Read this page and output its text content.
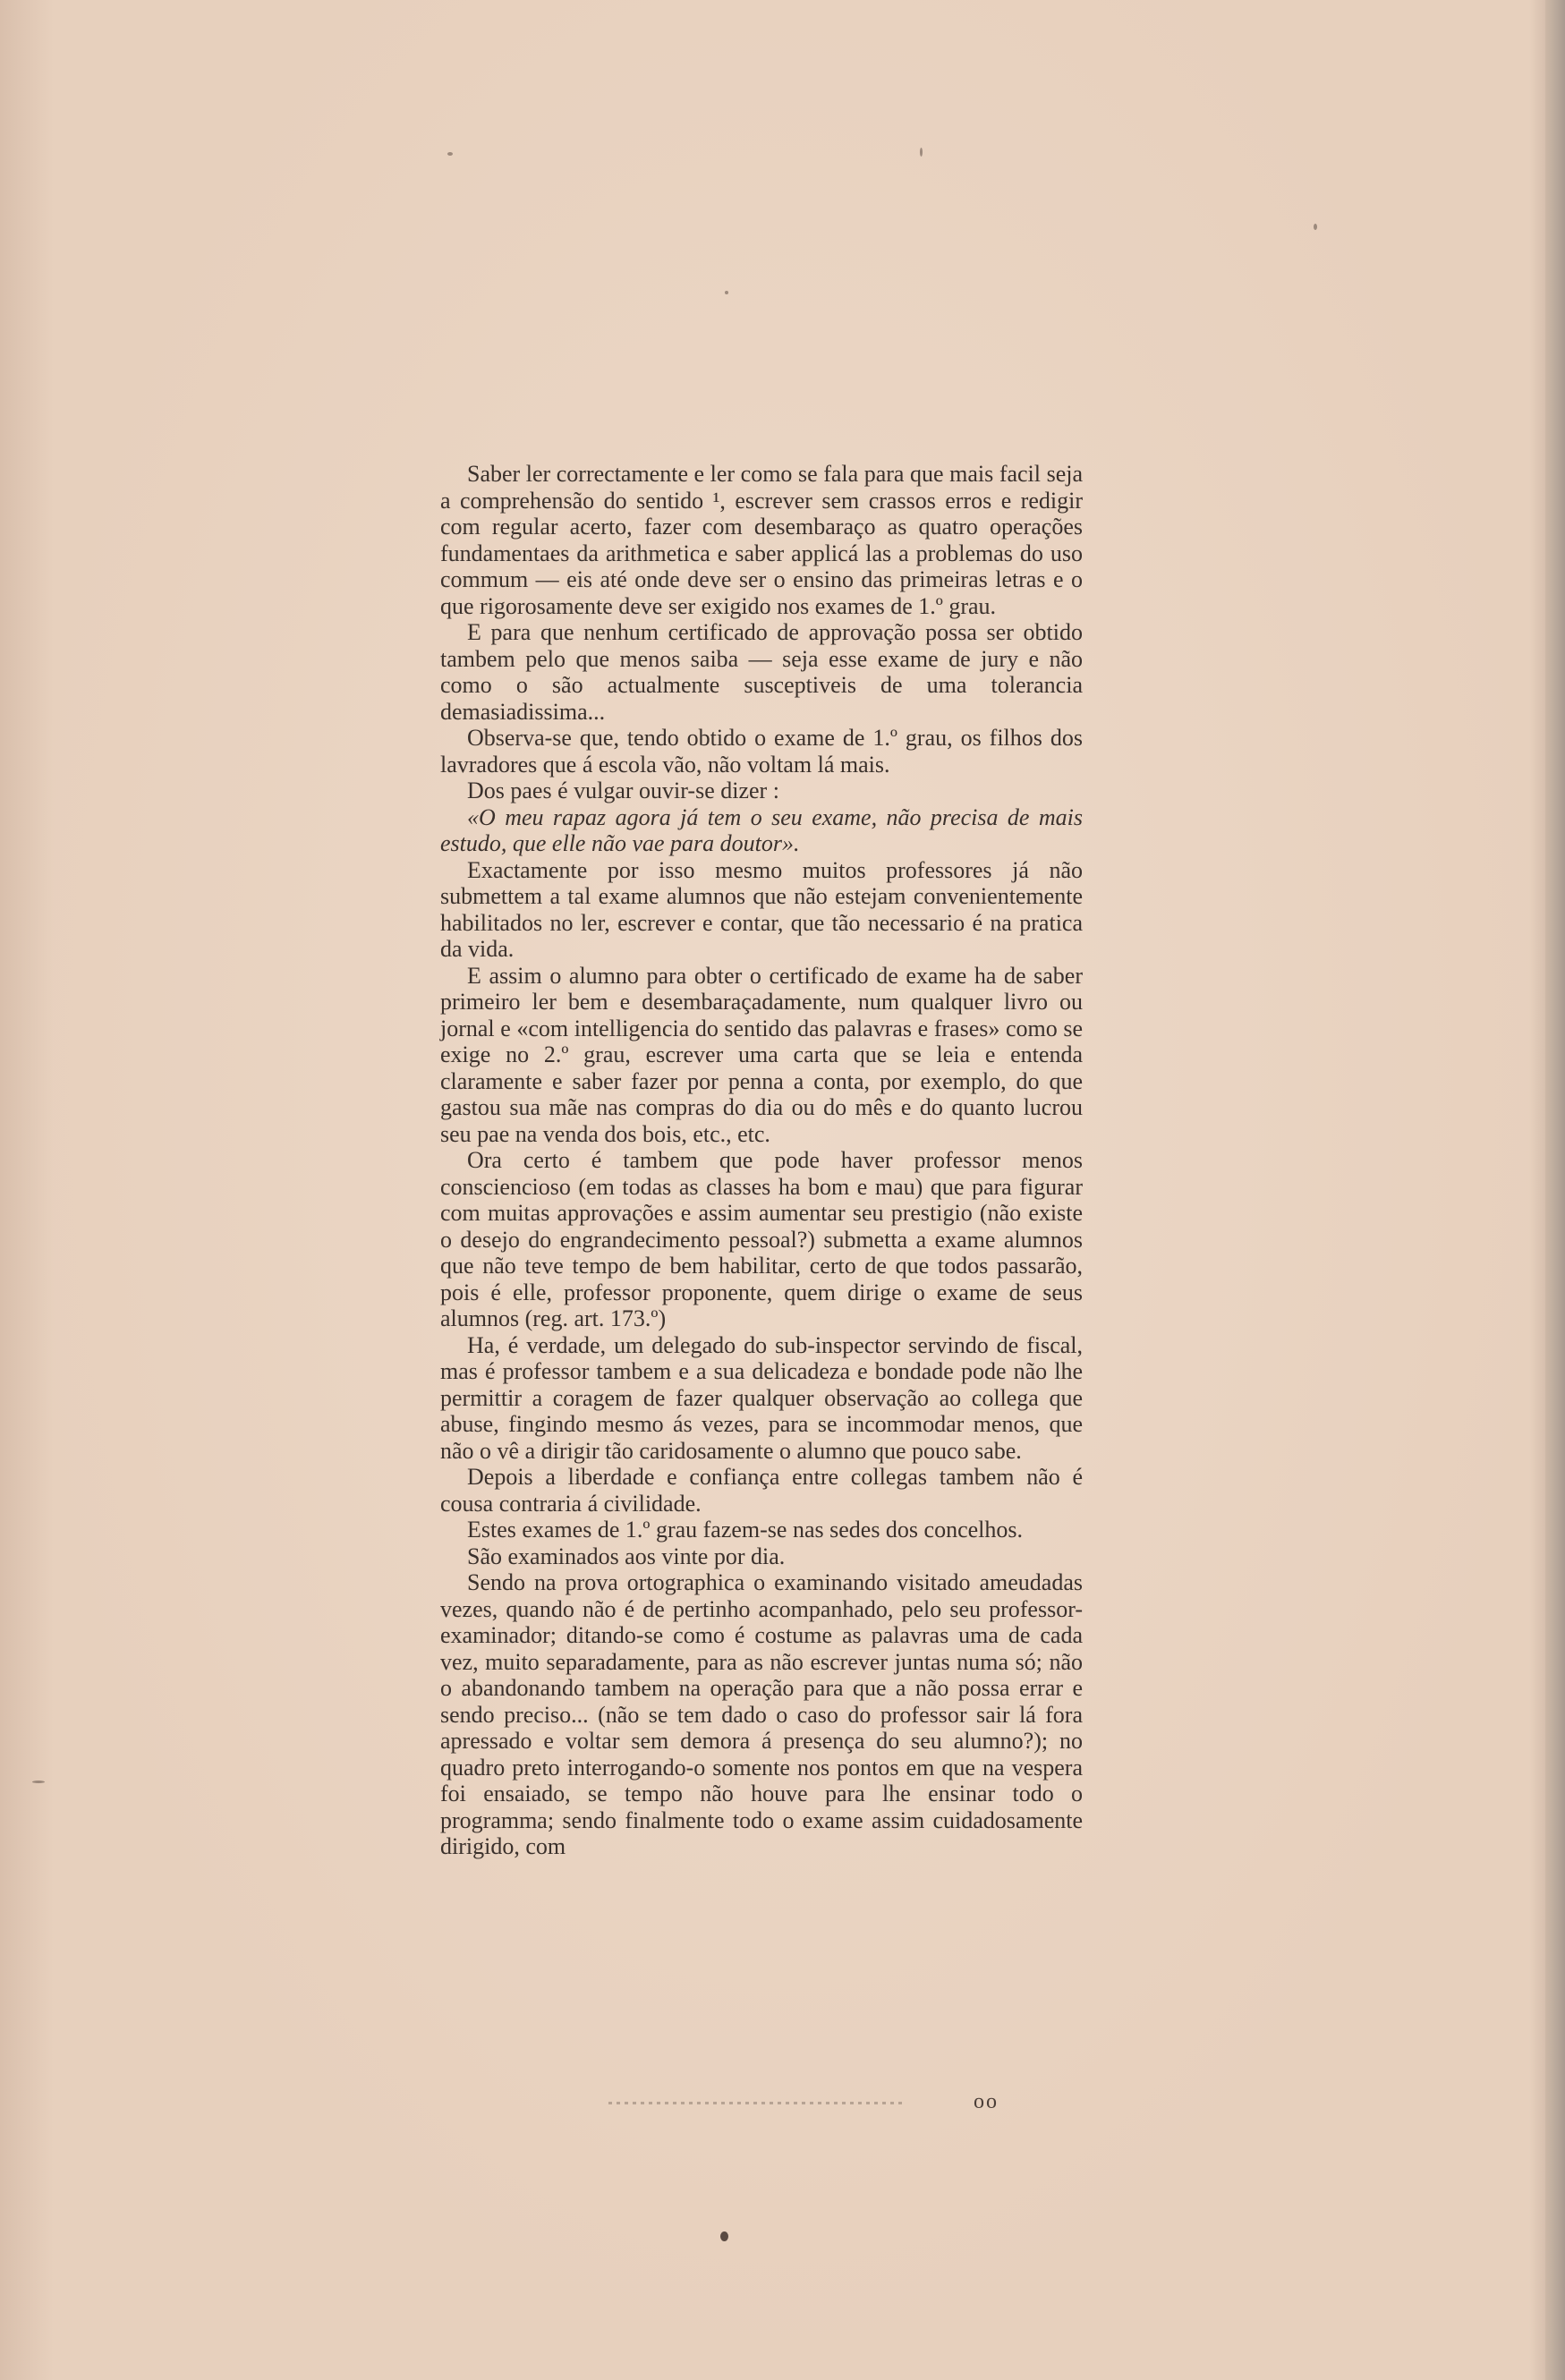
Saber ler correctamente e ler como se fala para que mais facil seja a comprehensão do sentido ¹, escrever sem crassos erros e redigir com regular acerto, fazer com desembaraço as quatro operações fundamentaes da arithmetica e saber applicá las a problemas do uso commum — eis até onde deve ser o ensino das primeiras letras e o que rigorosamente deve ser exigido nos exames de 1.º grau.

E para que nenhum certificado de approvação possa ser obtido tambem pelo que menos saiba — seja esse exame de jury e não como o são actualmente susceptiveis de uma tolerancia demasiadissima...

Observa-se que, tendo obtido o exame de 1.º grau, os filhos dos lavradores que á escola vão, não voltam lá mais.

Dos paes é vulgar ouvir-se dizer :

«O meu rapaz agora já tem o seu exame, não precisa de mais estudo, que elle não vae para doutor».

Exactamente por isso mesmo muitos professores já não submettem a tal exame alumnos que não estejam convenientemente habilitados no ler, escrever e contar, que tão necessario é na pratica da vida.

E assim o alumno para obter o certificado de exame ha de saber primeiro ler bem e desembaraçadamente, num qualquer livro ou jornal e «com intelligencia do sentido das palavras e frases» como se exige no 2.º grau, escrever uma carta que se leia e entenda claramente e saber fazer por penna a conta, por exemplo, do que gastou sua mãe nas compras do dia ou do mês e do quanto lucrou seu pae na venda dos bois, etc., etc.

Ora certo é tambem que pode haver professor menos consciencioso (em todas as classes ha bom e mau) que para figurar com muitas approvações e assim aumentar seu prestigio (não existe o desejo do engrandecimento pessoal?) submetta a exame alumnos que não teve tempo de bem habilitar, certo de que todos passarão, pois é elle, professor proponente, quem dirige o exame de seus alumnos (reg. art. 173.º)

Ha, é verdade, um delegado do sub-inspector servindo de fiscal, mas é professor tambem e a sua delicadeza e bondade pode não lhe permittir a coragem de fazer qualquer observação ao collega que abuse, fingindo mesmo ás vezes, para se incommodar menos, que não o vê a dirigir tão caridosamente o alumno que pouco sabe.

Depois a liberdade e confiança entre collegas tambem não é cousa contraria á civilidade.

Estes exames de 1.º grau fazem-se nas sedes dos concelhos.

São examinados aos vinte por dia.

Sendo na prova ortographica o examinando visitado ameudadas vezes, quando não é de pertinho acompanhado, pelo seu professor-examinador; ditando-se como é costume as palavras uma de cada vez, muito separadamente, para as não escrever juntas numa só; não o abandonando tambem na operação para que a não possa errar e sendo preciso... (não se tem dado o caso do professor sair lá fora apressado e voltar sem demora á presença do seu alumno?); no quadro preto interrogando-o somente nos pontos em que na vespera foi ensaiado, se tempo não houve para lhe ensinar todo o programma; sendo finalmente todo o exame assim cuidadosamente dirigido, com

oo
